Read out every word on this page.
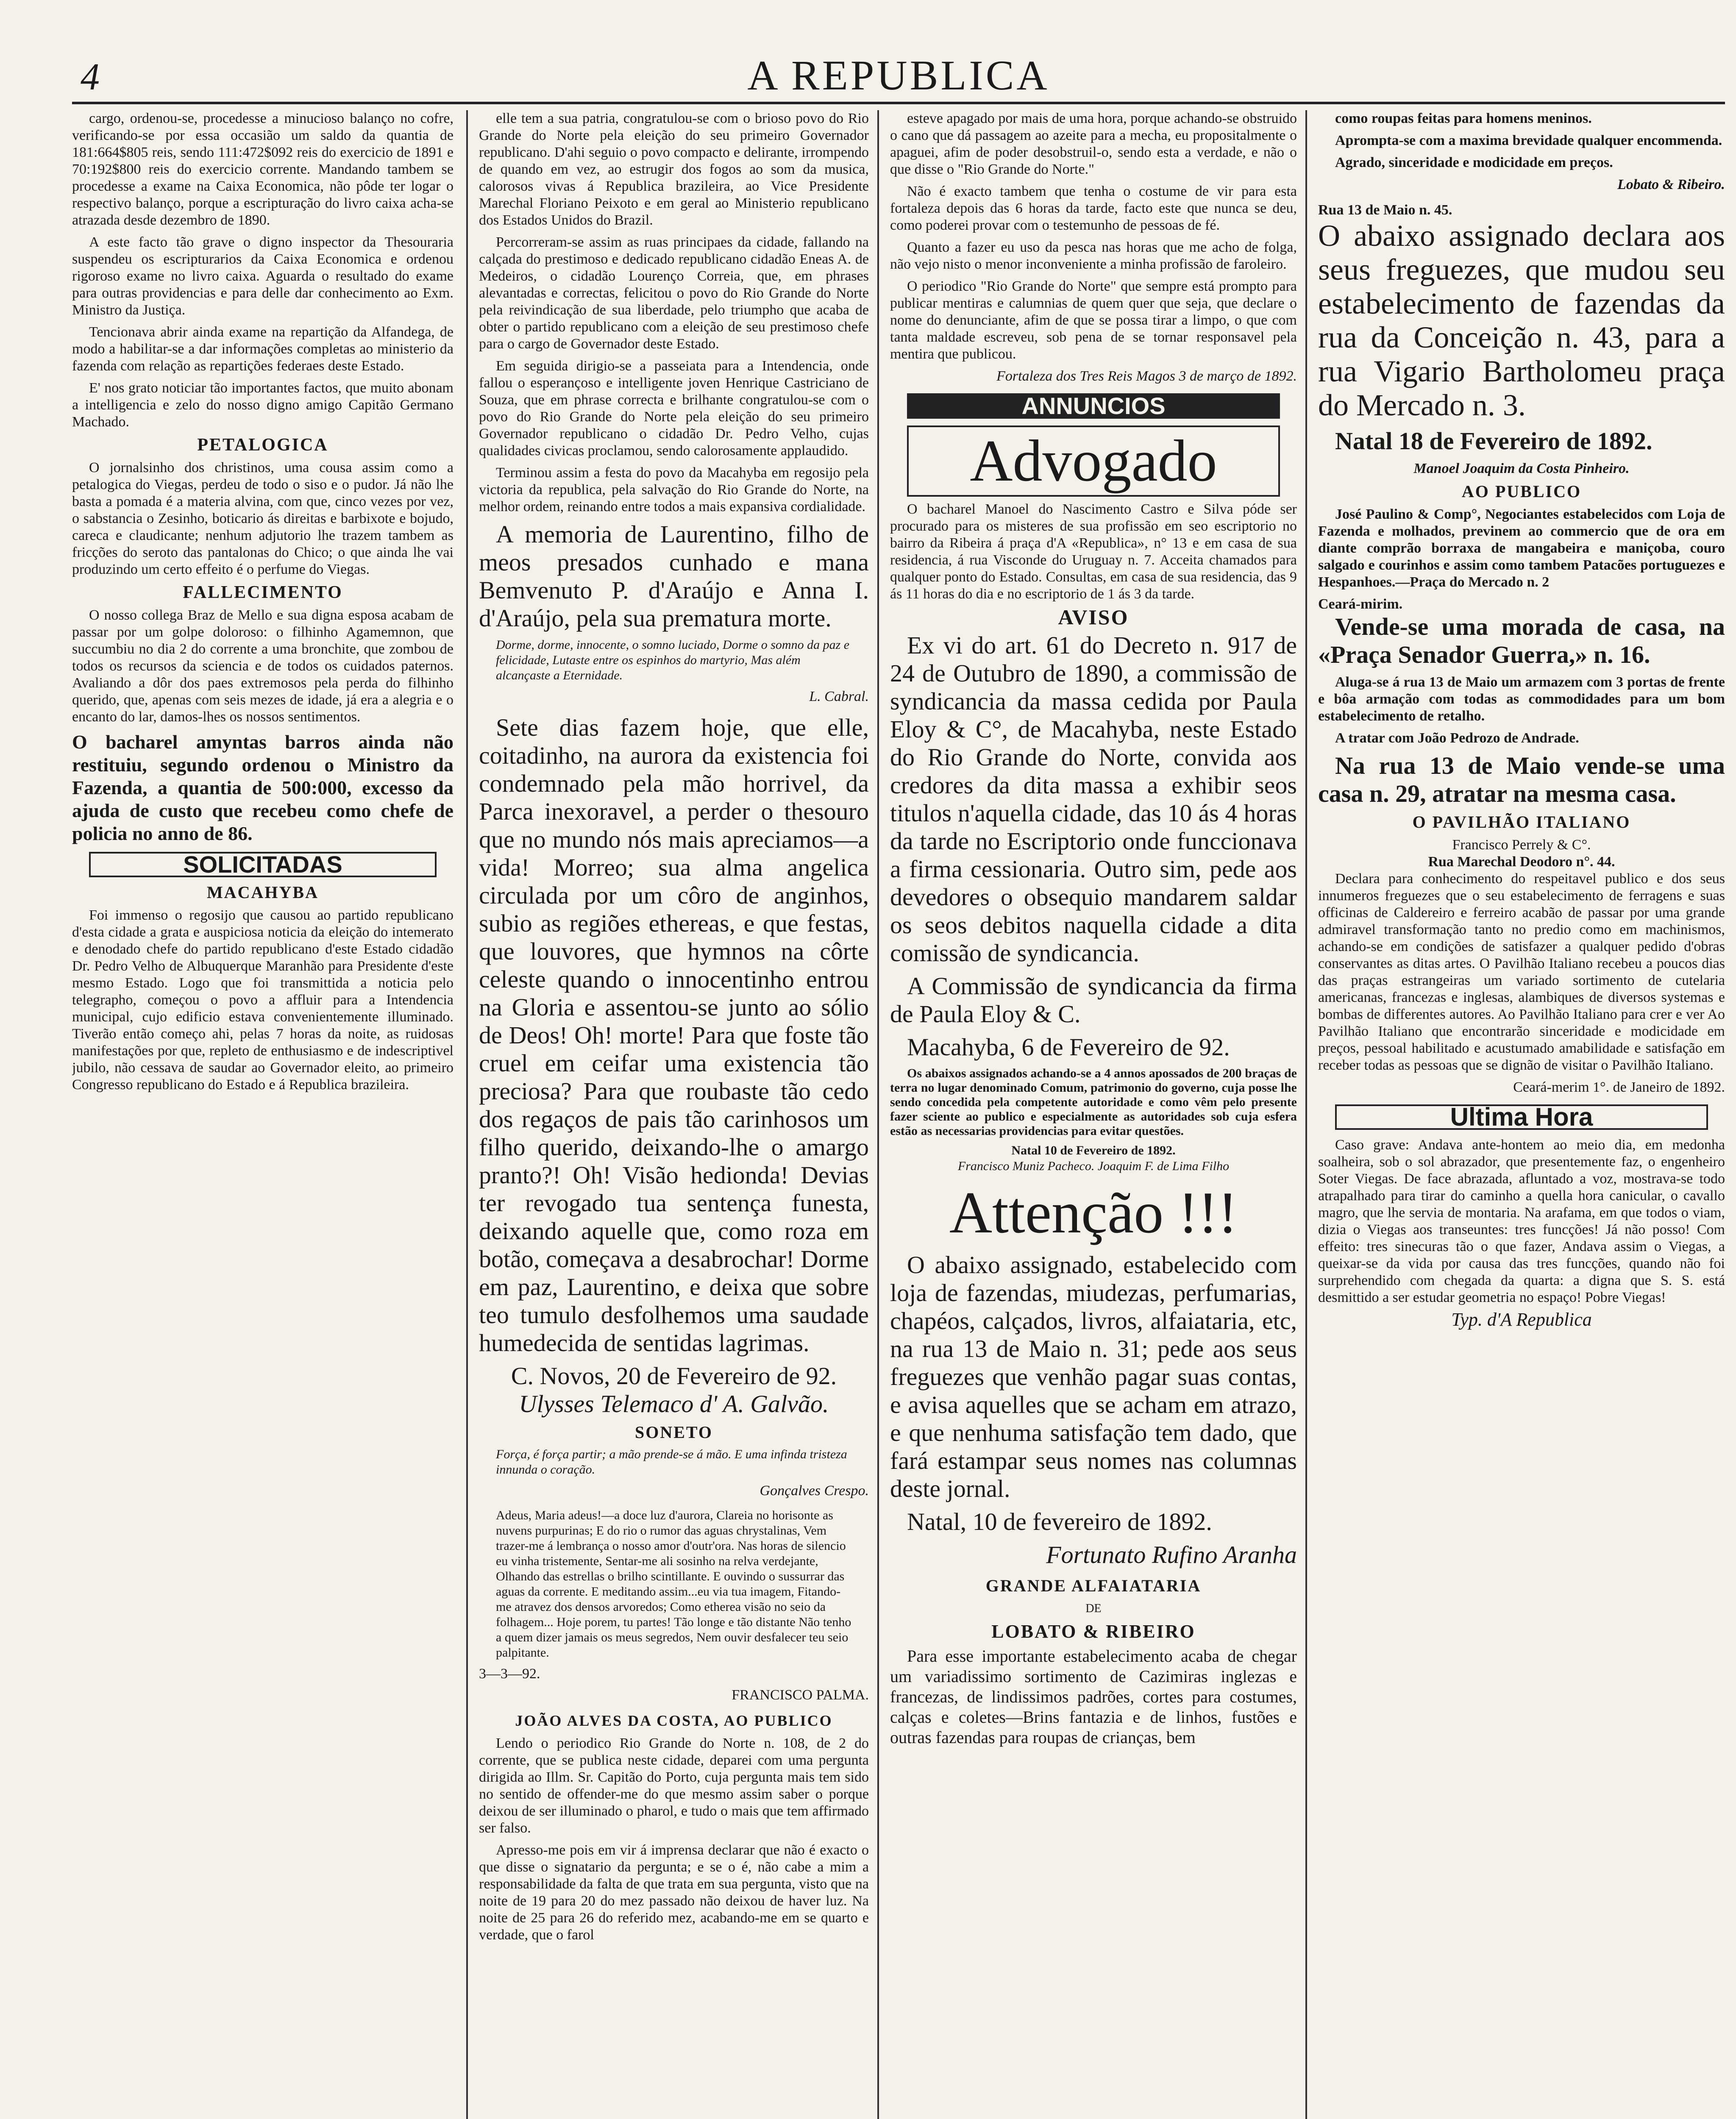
4	A REPUBLICA

cargo, ordenou-se, procedesse a minucioso balanço no cofre, verificando-se por essa occasião um saldo da quantia de 181:664$805 reis, sendo 111:472$092 reis do exercicio de 1891 e 70:192$800 reis do exercicio corrente. Mandando tambem se procedesse a exame na Caixa Economica, não pôde ter logar o respectivo balanço, porque a escripturação do livro caixa acha-se atrazada desde dezembro de 1890.

A este facto tão grave o digno inspector da Thesouraria suspendeu os escripturarios da Caixa Economica e ordenou rigoroso exame no livro caixa. Aguarda o resultado do exame para outras providencias e para delle dar conhecimento ao Exm. Ministro da Justiça.

Tencionava abrir ainda exame na repartição da Alfandega, de modo a habilitar-se a dar informações completas ao ministerio da fazenda com relação as repartições federaes deste Estado.

E' nos grato noticiar tão importantes factos, que muito abonam a intelligencia e zelo do nosso digno amigo Capitão Germano Machado.

PETALOGICA

O jornalsinho dos christinos, uma cousa assim como a petalogica do Viegas, perdeu de todo o siso e o pudor. Já não lhe basta a pomada é a materia alvina, com que, cinco vezes por vez, o sabstancia o Zesinho, boticario ás direitas e barbixote e bojudo, careca e claudicante; nenhum adjutorio lhe trazem tambem as fricções do seroto das pantalonas do Chico; o que ainda lhe vai produzindo um certo effeito é o perfume do Viegas.

FALLECIMENTO

O nosso collega Braz de Mello e sua digna esposa acabam de passar por um golpe doloroso: o filhinho Agamemnon, que succumbiu no dia 2 do corrente a uma bronchite, que zombou de todos os recursos da sciencia e de todos os cuidados paternos. Avaliando a dôr dos paes extremosos pela perda do filhinho querido, que, apenas com seis mezes de idade, já era a alegria e o encanto do lar, damos-lhes os nossos sentimentos.

O bacharel amyntas barros ainda não restituiu, segundo ordenou o Ministro da Fazenda, a quantia de 500:000, excesso da ajuda de custo que recebeu como chefe de policia no anno de 86.

SOLICITADAS
MACAHYBA

Foi immenso o regosijo que causou ao partido republicano d'esta cidade a grata e auspiciosa noticia da eleição do intemerato e denodado chefe do partido republicano d'este Estado cidadão Dr. Pedro Velho de Albuquerque Maranhão para Presidente d'este mesmo Estado. Logo que foi transmittida a noticia pelo telegrapho, começou o povo a affluir para a Intendencia municipal, cujo edificio estava convenientemente illuminado. Tiverão então começo ahi, pelas 7 horas da noite, as ruidosas manifestações por que, repleto de enthusiasmo e de indescriptivel jubilo, não cessava de saudar ao Governador eleito, ao primeiro Congresso republicano do Estado e á Republica brazileira.

elle tem a sua patria, congratulou-se com o brioso povo do Rio Grande do Norte pela eleição do seu primeiro Governador republicano. D'ahi seguio o povo compacto e delirante, irrompendo de quando em vez, ao estrugir dos fogos ao som da musica, calorosos vivas á Republica brazileira, ao Vice Presidente Marechal Floriano Peixoto e em geral ao Ministerio republicano dos Estados Unidos do Brazil.

Percorreram-se assim as ruas principaes da cidade, fallando na calçada do prestimoso e dedicado republicano cidadão Eneas A. de Medeiros, o cidadão Lourenço Correia, que, em phrases alevantadas e correctas, felicitou o povo do Rio Grande do Norte pela reivindicação de sua liberdade, pelo triumpho que acaba de obter o partido republicano com a eleição de seu prestimoso chefe para o cargo de Governador deste Estado.

Em seguida dirigio-se a passeiata para a Intendencia, onde fallou o esperançoso e intelligente joven Henrique Castriciano de Souza, que em phrase correcta e brilhante congratulou-se com o povo do Rio Grande do Norte pela eleição do seu primeiro Governador republicano o cidadão Dr. Pedro Velho, cujas qualidades civicas proclamou, sendo calorosamente applaudido.

Terminou assim a festa do povo da Macahyba em regosijo pela victoria da republica, pela salvação do Rio Grande do Norte, na melhor ordem, reinando entre todos a mais expansiva cordialidade.

A memoria de Laurentino, filho de meos presados cunhado e mana Bemvenuto P. d'Araújo e Anna I. d'Araújo, pela sua prematura morte.

Dorme, dorme, innocente, o somno luciado, Dorme o somno da paz e felicidade, Lutaste entre os espinhos do martyrio, Mas além alcançaste a Eternidade.
L. Cabral.

Sete dias fazem hoje, que elle, coitadinho, na aurora da existencia foi condemnado pela mão horrivel, da Parca inexoravel, a perder o thesouro que no mundo nós mais apreciamos—a vida! Morreo; sua alma angelica circulada por um côro de anginhos, subio as regiões ethereas, e que festas, que louvores, que hymnos na côrte celeste quando o innocentinho entrou na Gloria e assentou-se junto ao sólio de Deos! Oh! morte! Para que foste tão cruel em ceifar uma existencia tão preciosa? Para que roubaste tão cedo dos regaços de pais tão carinhosos um filho querido, deixando-lhe o amargo pranto?! Oh! Visão hedionda! Devias ter revogado tua sentença funesta, deixando aquelle que, como roza em botão, começava a desabrochar! Dorme em paz, Laurentino, e deixa que sobre teo tumulo desfolhemos uma saudade humedecida de sentidas lagrimas.

C. Novos, 20 de Fevereiro de 92.
Ulysses Telemaco d' A. Galvão.
SONETO
Força, é força partir; a mão prende-se á mão. E uma infinda tristeza innunda o coração.
Gonçalves Crespo.
Adeus, Maria adeus!—a doce luz d'aurora, Clareia no horisonte as nuvens purpurinas; E do rio o rumor das aguas chrystalinas, Vem trazer-me á lembrança o nosso amor d'outr'ora. Nas horas de silencio eu vinha tristemente, Sentar-me ali sosinho na relva verdejante, Olhando das estrellas o brilho scintillante. E ouvindo o sussurrar das aguas da corrente. E meditando assim...eu via tua imagem, Fitando-me atravez dos densos arvoredos; Como etherea visão no seio da folhagem... Hoje porem, tu partes! Tão longe e tão distante Não tenho a quem dizer jamais os meus segredos, Nem ouvir desfalecer teu seio palpitante.
3—3—92.
FRANCISCO PALMA.
JOÃO ALVES DA COSTA, AO PUBLICO

Lendo o periodico Rio Grande do Norte n. 108, de 2 do corrente, que se publica neste cidade, deparei com uma pergunta dirigida ao Illm. Sr. Capitão do Porto, cuja pergunta mais tem sido no sentido de offender-me do que mesmo assim saber o porque deixou de ser illuminado o pharol, e tudo o mais que tem affirmado ser falso.

Apresso-me pois em vir á imprensa declarar que não é exacto o que disse o signatario da pergunta; e se o é, não cabe a mim a responsabilidade da falta de que trata em sua pergunta, visto que na noite de 19 para 20 do mez passado não deixou de haver luz. Na noite de 25 para 26 do referido mez, acabando-me em se quarto e verdade, que o farol

esteve apagado por mais de uma hora, porque achando-se obstruido o cano que dá passagem ao azeite para a mecha, eu propositalmente o apaguei, afim de poder desobstruil-o, sendo esta a verdade, e não o que disse o "Rio Grande do Norte."

Não é exacto tambem que tenha o costume de vir para esta fortaleza depois das 6 horas da tarde, facto este que nunca se deu, como poderei provar com o testemunho de pessoas de fé.

Quanto a fazer eu uso da pesca nas horas que me acho de folga, não vejo nisto o menor inconveniente a minha profissão de faroleiro.

O periodico "Rio Grande do Norte" que sempre está prompto para publicar mentiras e calumnias de quem quer que seja, que declare o nome do denunciante, afim de que se possa tirar a limpo, o que com tanta maldade escreveu, sob pena de se tornar responsavel pela mentira que publicou.

Fortaleza dos Tres Reis Magos 3 de março de 1892.
ANNUNCIOS
Advogado

O bacharel Manoel do Nascimento Castro e Silva póde ser procurado para os misteres de sua profissão em seo escriptorio no bairro da Ribeira á praça d'A «Republica», n° 13 e em casa de sua residencia, á rua Visconde do Uruguay n. 7. Acceita chamados para qualquer ponto do Estado. Consultas, em casa de sua residencia, das 9 ás 11 horas do dia e no escriptorio de 1 ás 3 da tarde.

AVISO

Ex vi do art. 61 do Decreto n. 917 de 24 de Outubro de 1890, a commissão de syndicancia da massa cedida por Paula Eloy & C°, de Macahyba, neste Estado do Rio Grande do Norte, convida aos credores da dita massa a exhibir seos titulos n'aquella cidade, das 10 ás 4 horas da tarde no Escriptorio onde funccionava a firma cessionaria. Outro sim, pede aos devedores o obsequio mandarem saldar os seos debitos naquella cidade a dita comissão de syndicancia.

A Commissão de syndicancia da firma de Paula Eloy & C.

Macahyba, 6 de Fevereiro de 92.

Os abaixos assignados achando-se a 4 annos apossados de 200 braças de terra no lugar denominado Comum, patrimonio do governo, cuja posse lhe sendo concedida pela competente autoridade e como vêm pelo presente fazer sciente ao publico e especialmente as autoridades sob cuja esfera estão as necessarias providencias para evitar questões.

Natal 10 de Fevereiro de 1892.
Francisco Muniz Pacheco. Joaquim F. de Lima Filho
Attenção !!!

O abaixo assignado, estabelecido com loja de fazendas, miudezas, perfumarias, chapéos, calçados, livros, alfaiataria, etc, na rua 13 de Maio n. 31; pede aos seus freguezes que venhão pagar suas contas, e avisa aquelles que se acham em atrazo, e que nenhuma satisfação tem dado, que fará estampar seus nomes nas columnas deste jornal.

Natal, 10 de fevereiro de 1892.

Fortunato Rufino Aranha
GRANDE ALFAIATARIA
DE
LOBATO & RIBEIRO

Para esse importante estabelecimento acaba de chegar um variadissimo sortimento de Cazimiras inglezas e francezas, de lindissimos padrões, cortes para costumes, calças e coletes—Brins fantazia e de linhos, fustões e outras fazendas para roupas de crianças, bem

como roupas feitas para homens meninos.

Aprompta-se com a maxima brevidade qualquer encommenda.

Agrado, sinceridade e modicidade em preços.

Lobato & Ribeiro.
Rua 13 de Maio n. 45.

O abaixo assignado declara aos seus freguezes, que mudou seu estabelecimento de fazendas da rua da Conceição n. 43, para a rua Vigario Bartholomeu praça do Mercado n. 3.

Natal 18 de Fevereiro de 1892.

Manoel Joaquim da Costa Pinheiro.
AO PUBLICO

José Paulino & Comp°, Negociantes estabelecidos com Loja de Fazenda e molhados, previnem ao commercio que de ora em diante comprão borraxa de mangabeira e maniçoba, couro salgado e courinhos e assim como tambem Patacões portuguezes e Hespanhoes.—Praça do Mercado n. 2

Ceará-mirim.

Vende-se uma morada de casa, na «Praça Senador Guerra,» n. 16.

Aluga-se á rua 13 de Maio um armazem com 3 portas de frente e bôa armação com todas as commodidades para um bom estabelecimento de retalho.

A tratar com João Pedrozo de Andrade.

Na rua 13 de Maio vende-se uma casa n. 29, atratar na mesma casa.

O PAVILHÃO ITALIANO
Francisco Perrely & C°.
Rua Marechal Deodoro n°. 44.

Declara para conhecimento do respeitavel publico e dos seus innumeros freguezes que o seu estabelecimento de ferragens e suas officinas de Caldereiro e ferreiro acabão de passar por uma grande admiravel transformação tanto no predio como em machinismos, achando-se em condições de satisfazer a qualquer pedido d'obras conservantes as ditas artes. O Pavilhão Italiano recebeu a poucos dias das praças estrangeiras um variado sortimento de cutelaria americanas, francezas e inglesas, alambiques de diversos systemas e bombas de differentes autores. Ao Pavilhão Italiano para crer e ver Ao Pavilhão Italiano que encontrarão sinceridade e modicidade em preços, pessoal habilitado e acustumado amabilidade e satisfação em receber todas as pessoas que se dignão de visitar o Pavilhão Italiano.

Ceará-merim 1°. de Janeiro de 1892.
Ultima Hora

Caso grave: Andava ante-hontem ao meio dia, em medonha soalheira, sob o sol abrazador, que presentemente faz, o engenheiro Soter Viegas. De face abrazada, afluntado a voz, mostrava-se todo atrapalhado para tirar do caminho a quella hora canicular, o cavallo magro, que lhe servia de montaria. Na arafama, em que todos o viam, dizia o Viegas aos transeuntes: tres funcções! Já não posso! Com effeito: tres sinecuras tão o que fazer, Andava assim o Viegas, a queixar-se da vida por causa das tres funcções, quando não foi surprehendido com chegada da quarta: a digna que S. S. está desmittido a ser estudar geometria no espaço! Pobre Viegas!

Typ. d'A Republica
